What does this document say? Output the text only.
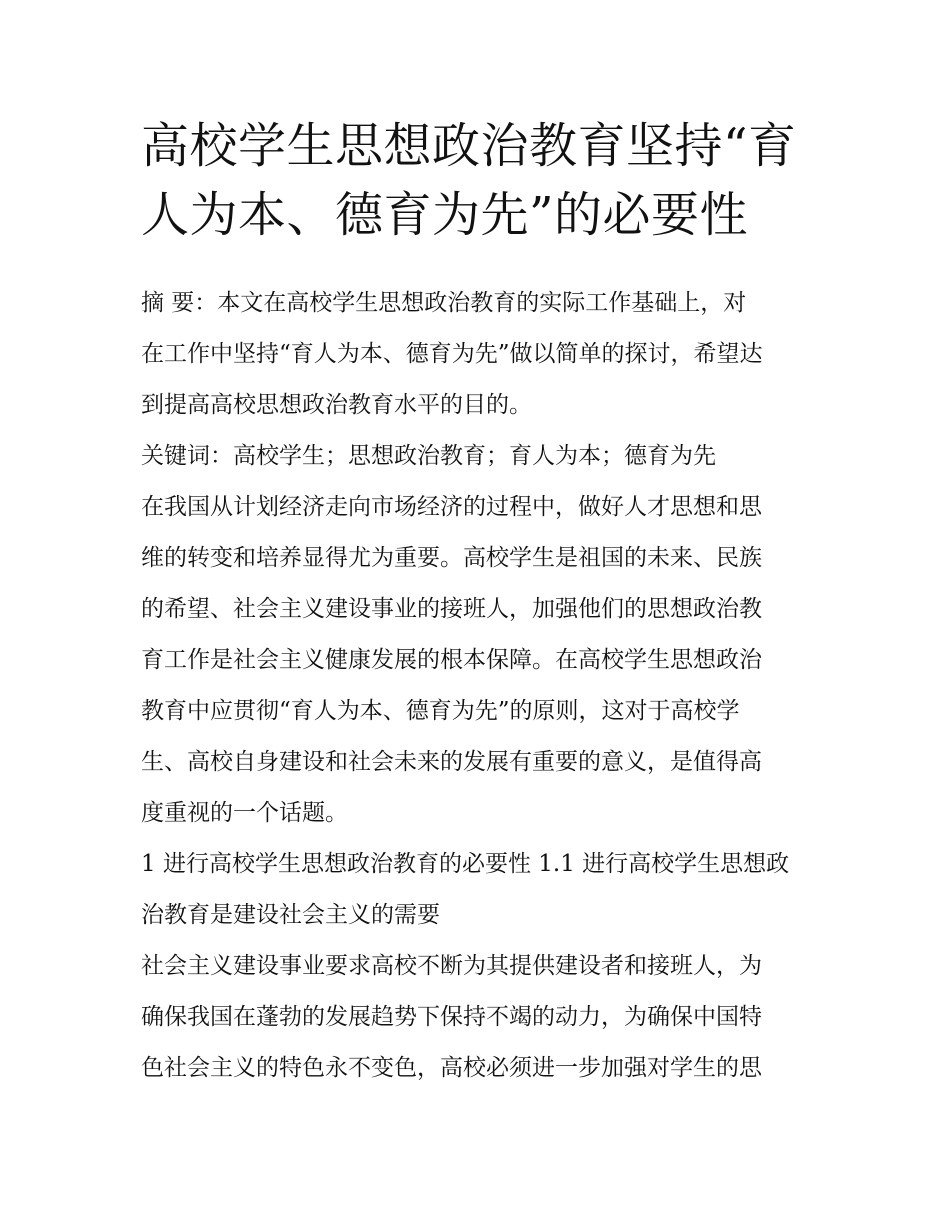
高校学生思想政治教育坚持“育
人为本、德育为先”的必要性

摘 要：本文在高校学生思想政治教育的实际工作基础上，对
在工作中坚持“育人为本、德育为先”做以简单的探讨，希望达
到提高高校思想政治教育水平的目的。

关键词：高校学生；思想政治教育；育人为本；德育为先

在我国从计划经济走向市场经济的过程中，做好人才思想和思
维的转变和培养显得尤为重要。高校学生是祖国的未来、民族
的希望、社会主义建设事业的接班人，加强他们的思想政治教
育工作是社会主义健康发展的根本保障。在高校学生思想政治
教育中应贯彻“育人为本、德育为先”的原则，这对于高校学
生、高校自身建设和社会未来的发展有重要的意义，是值得高
度重视的一个话题。

1 进行高校学生思想政治教育的必要性 1.1 进行高校学生思想政
治教育是建设社会主义的需要

社会主义建设事业要求高校不断为其提供建设者和接班人，为
确保我国在蓬勃的发展趋势下保持不竭的动力，为确保中国特
色社会主义的特色永不变色，高校必须进一步加强对学生的思
